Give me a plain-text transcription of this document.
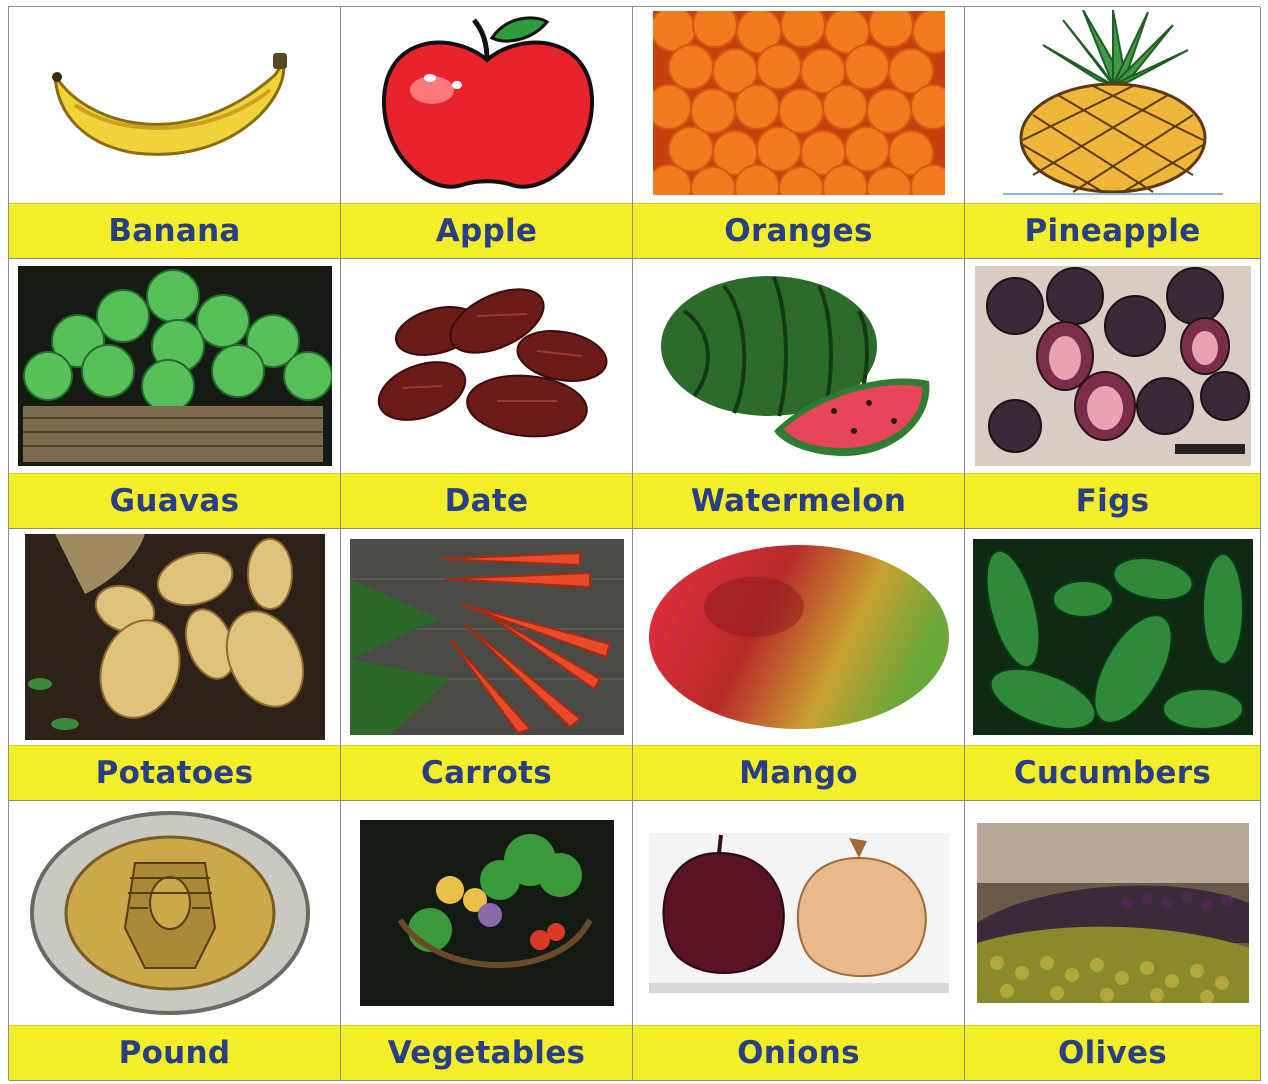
Banana	Apple	Oranges	Pineapple
Guavas	Date	Watermelon	Figs
Potatoes	Carrots	Mango	Cucumbers
Pound	Vegetables	Onions	Olives
